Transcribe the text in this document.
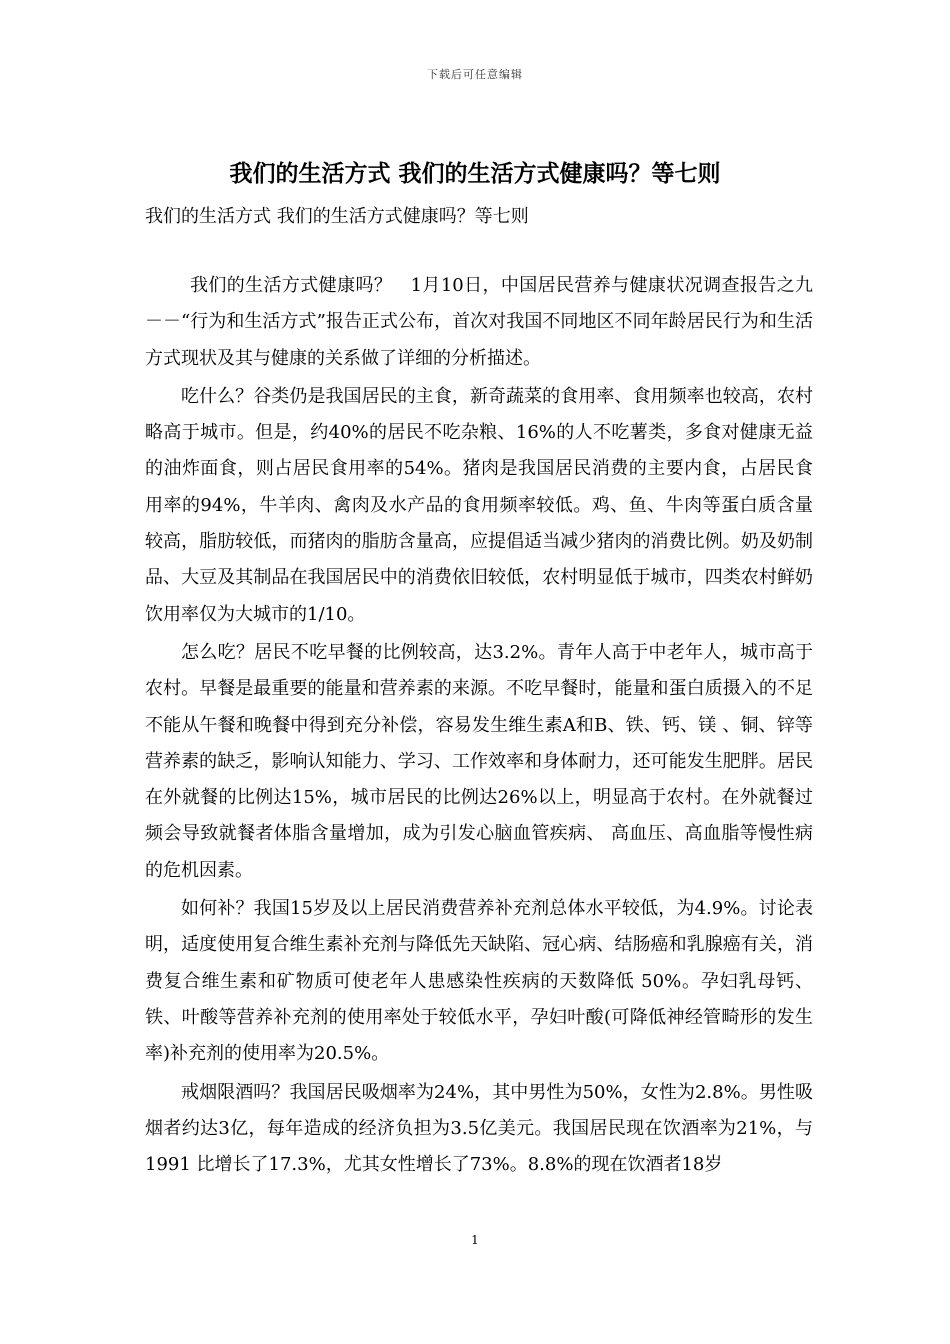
下载后可任意编辑
我们的生活方式 我们的生活方式健康吗？等七则
我们的生活方式 我们的生活方式健康吗？等七则

我们的生活方式健康吗？　1月10日，中国居民营养与健康状况调查报告之九－－“行为和生活方式”报告正式公布，首次对我国不同地区不同年龄居民行为和生活方式现状及其与健康的关系做了详细的分析描述。

吃什么？谷类仍是我国居民的主食，新奇蔬菜的食用率、食用频率也较高，农村略高于城市。但是，约40%的居民不吃杂粮、16%的人不吃薯类，多食对健康无益的油炸面食，则占居民食用率的54%。猪肉是我国居民消费的主要内食，占居民食用率的94%，牛羊肉、禽肉及水产品的食用频率较低。鸡、鱼、牛肉等蛋白质含量较高，脂肪较低，而猪肉的脂肪含量高，应提倡适当减少猪肉的消费比例。奶及奶制品、大豆及其制品在我国居民中的消费依旧较低，农村明显低于城市，四类农村鲜奶饮用率仅为大城市的1/10。

怎么吃？居民不吃早餐的比例较高，达3.2%。青年人高于中老年人，城市高于农村。早餐是最重要的能量和营养素的来源。不吃早餐时，能量和蛋白质摄入的不足不能从午餐和晚餐中得到充分补偿，容易发生维生素A和B、铁、钙、镁 、铜、锌等营养素的缺乏，影响认知能力、学习、工作效率和身体耐力，还可能发生肥胖。居民在外就餐的比例达15%，城市居民的比例达26%以上，明显高于农村。在外就餐过频会导致就餐者体脂含量增加，成为引发心脑血管疾病、 高血压、高血脂等慢性病的危机因素。

如何补？我国15岁及以上居民消费营养补充剂总体水平较低，为4.9%。讨论表明，适度使用复合维生素补充剂与降低先天缺陷、冠心病、结肠癌和乳腺癌有关，消费复合维生素和矿物质可使老年人患感染性疾病的天数降低 50%。孕妇乳母钙、铁、叶酸等营养补充剂的使用率处于较低水平，孕妇叶酸(可降低神经管畸形的发生率)补充剂的使用率为20.5%。

戒烟限酒吗？我国居民吸烟率为24%，其中男性为50%，女性为2.8%。男性吸烟者约达3亿，每年造成的经济负担为3.5亿美元。我国居民现在饮酒率为21%，与1991 比增长了17.3%，尤其女性增长了73%。8.8%的现在饮酒者18岁

1
